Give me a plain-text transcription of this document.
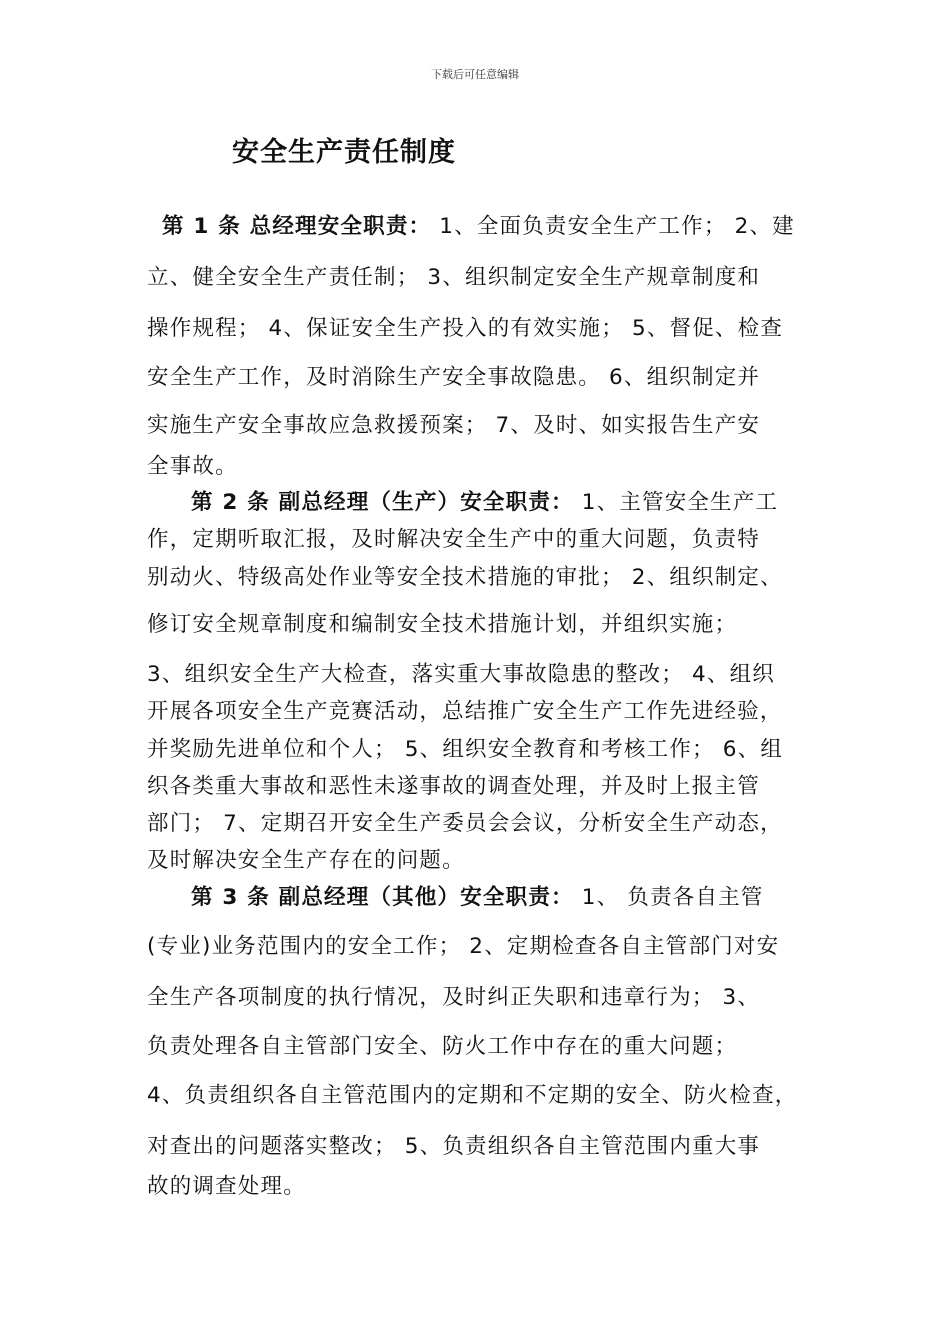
下载后可任意编辑
安全生产责任制度
第 1 条 总经理安全职责： 1、全面负责安全生产工作； 2、建
立、健全安全生产责任制； 3、组织制定安全生产规章制度和
操作规程； 4、保证安全生产投入的有效实施； 5、督促、检查
安全生产工作，及时消除生产安全事故隐患。 6、组织制定并
实施生产安全事故应急救援预案； 7、及时、如实报告生产安
全事故。
第 2 条 副总经理（生产）安全职责： 1、主管安全生产工
作，定期听取汇报，及时解决安全生产中的重大问题，负责特
别动火、特级高处作业等安全技术措施的审批； 2、组织制定、
修订安全规章制度和编制安全技术措施计划，并组织实施；
3、组织安全生产大检查，落实重大事故隐患的整改； 4、组织
开展各项安全生产竞赛活动，总结推广安全生产工作先进经验，
并奖励先进单位和个人； 5、组织安全教育和考核工作； 6、组
织各类重大事故和恶性未遂事故的调查处理，并及时上报主管
部门； 7、定期召开安全生产委员会会议，分析安全生产动态，
及时解决安全生产存在的问题。
第 3 条 副总经理（其他）安全职责： 1、 负责各自主管
(专业)业务范围内的安全工作； 2、定期检查各自主管部门对安
全生产各项制度的执行情况，及时纠正失职和违章行为； 3、
负责处理各自主管部门安全、防火工作中存在的重大问题；
4、负责组织各自主管范围内的定期和不定期的安全、防火检查，
对查出的问题落实整改； 5、负责组织各自主管范围内重大事
故的调查处理。
